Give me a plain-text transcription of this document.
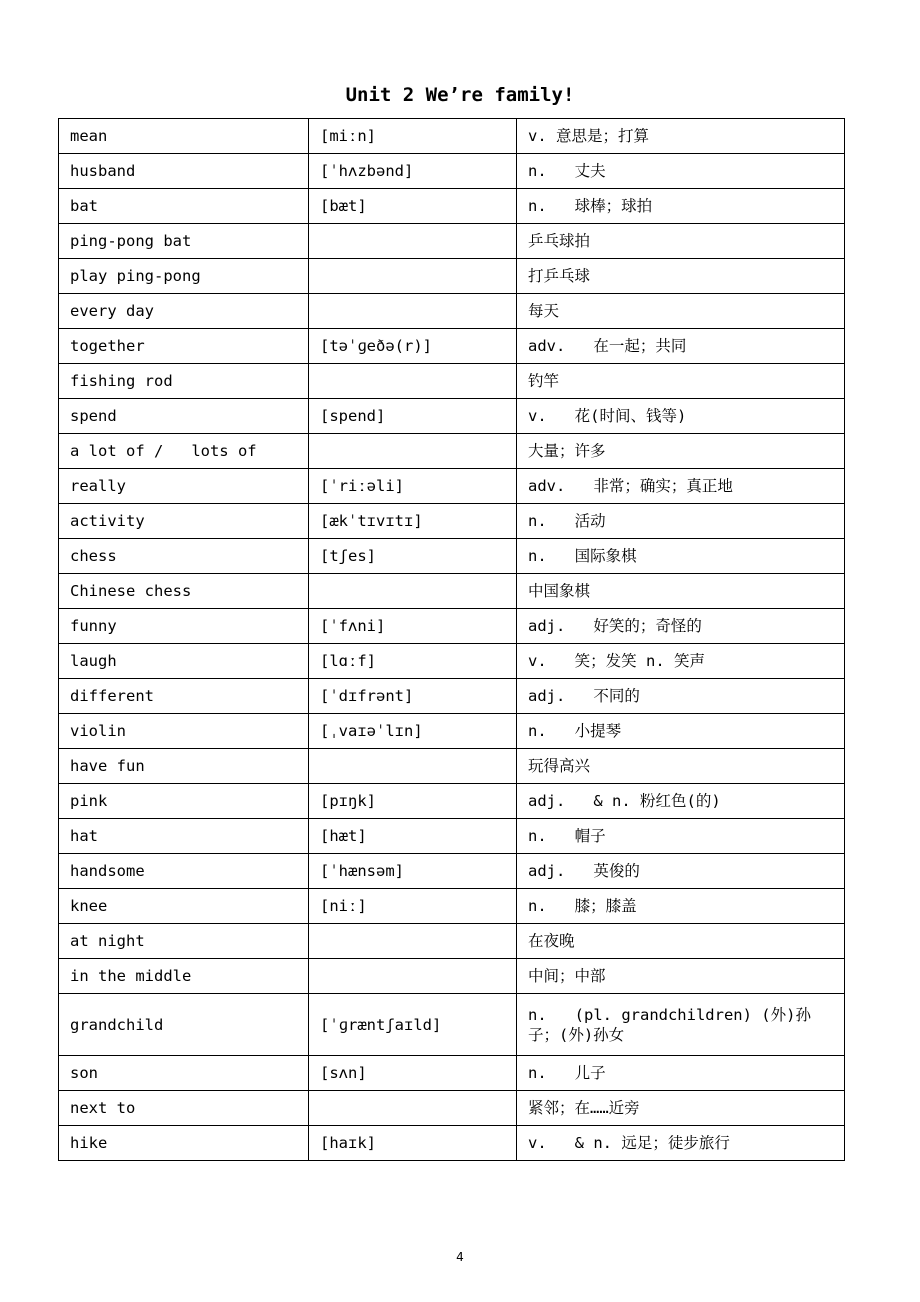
Unit 2 We’re family!
mean	[miːn]	v. 意思是；打算
husband	[ˈhʌzbənd]	n.   丈夫
bat	[bæt]	n.   球棒；球拍
ping-pong bat		乒乓球拍
play ping-pong		打乒乓球
every day		每天
together	[təˈɡeðə(r)]	adv.   在一起；共同
fishing rod		钓竿
spend	[spend]	v.   花(时间、钱等)
a lot of /   lots of		大量；许多
really	[ˈriːəli]	adv.   非常；确实；真正地
activity	[ækˈtɪvɪtɪ]	n.   活动
chess	[tʃes]	n.   国际象棋
Chinese chess		中国象棋
funny	[ˈfʌni]	adj.   好笑的；奇怪的
laugh	[lɑːf]	v.   笑；发笑 n. 笑声
different	[ˈdɪfrənt]	adj.   不同的
violin	[ˌvaɪəˈlɪn]	n.   小提琴
have fun		玩得高兴
pink	[pɪŋk]	adj.   & n. 粉红色(的)
hat	[hæt]	n.   帽子
handsome	[ˈhænsəm]	adj.   英俊的
knee	[niː]	n.   膝；膝盖
at night		在夜晚
in the middle		中间；中部
grandchild	[ˈɡræntʃaɪld]	n.   (pl. grandchildren) (外)孙子；(外)孙女
son	[sʌn]	n.   儿子
next to		紧邻；在……近旁
hike	[haɪk]	v.   & n. 远足；徒步旅行
4
